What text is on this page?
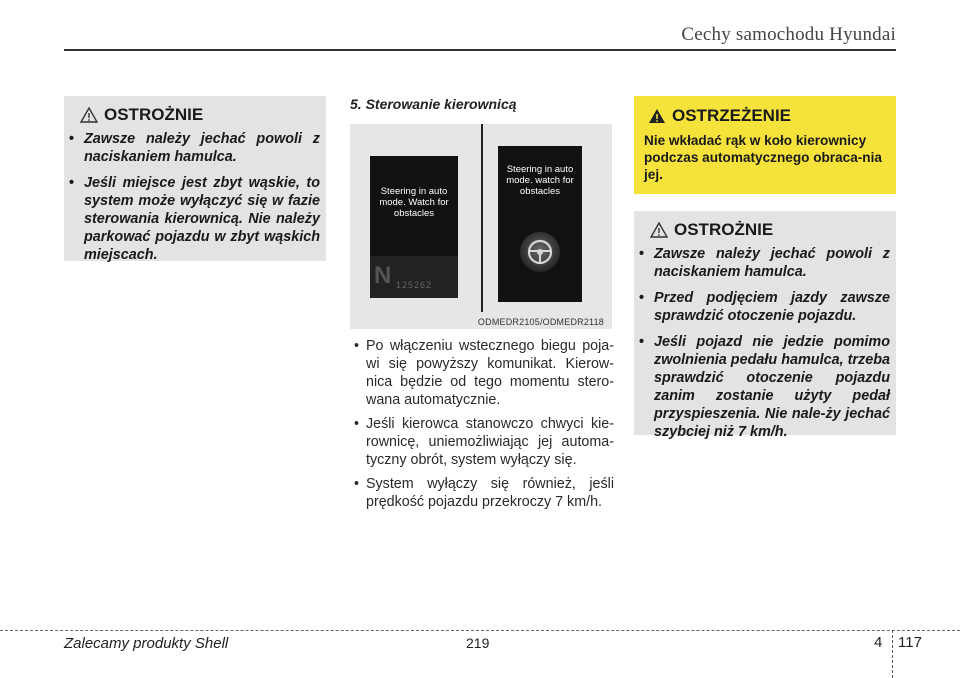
Cechy samochodu Hyundai
OSTROŻNIE
• Zawsze należy jechać powoli z naciskaniem hamulca.
• Jeśli miejsce jest zbyt wąskie, to system może wyłączyć się w fazie sterowania kierownicą. Nie należy parkować pojazdu w zbyt wąskich miejscach.
5. Sterowanie kierownicą
Steering in auto mode. Watch for obstacles
N 125262
Steering in auto mode. watch for obstacles
ODMEDR2105/ODMEDR2118
• Po włączeniu wstecznego biegu poja-wi się powyższy komunikat. Kierow-nica będzie od tego momentu stero-wana automatycznie.
• Jeśli kierowca stanowczo chwyci kie-rownicę, uniemożliwiając jej automa-tyczny obrót, system wyłączy się.
• System wyłączy się również, jeśli prędkość pojazdu przekroczy 7 km/h.
OSTRZEŻENIE
Nie wkładać rąk w koło kierownicy podczas automatycznego obraca-nia jej.
OSTROŻNIE
• Zawsze należy jechać powoli z naciskaniem hamulca.
• Przed podjęciem jazdy zawsze sprawdzić otoczenie pojazdu.
• Jeśli pojazd nie jedzie pomimo zwolnienia pedału hamulca, trzeba sprawdzić otoczenie pojazdu zanim zostanie użyty pedał przyspieszenia. Nie nale-ży jechać szybciej niż 7 km/h.
Zalecamy produkty Shell	219	4 117
